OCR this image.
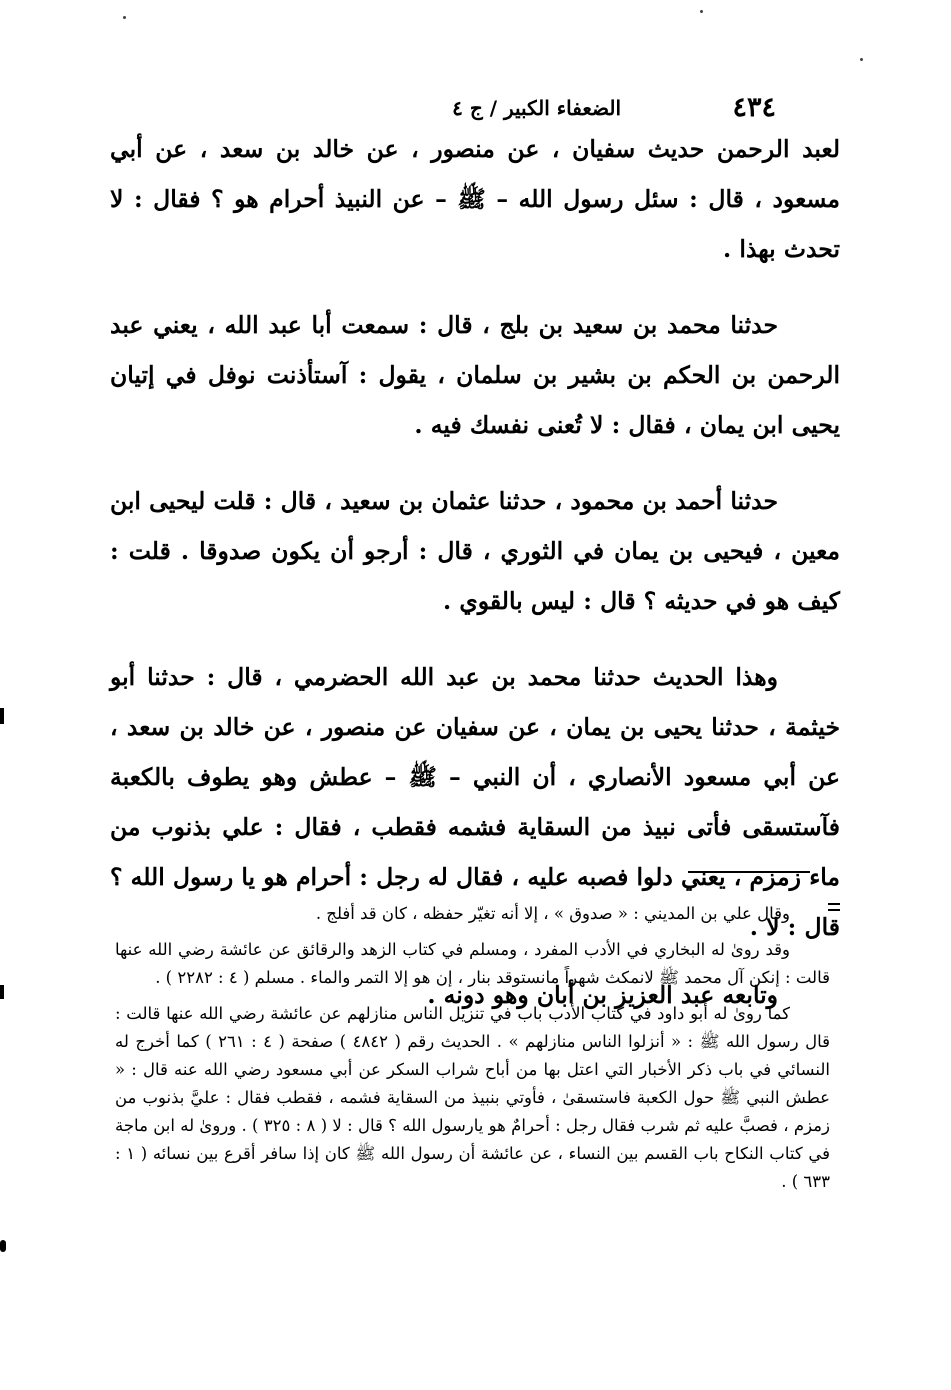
٤٣٤
الضعفاء الكبير / ج ٤

لعبد الرحمن حديث سفيان ، عن منصور ، عن خالد بن سعد ، عن أبي مسعود ، قال : سئل رسول الله – ﷺ – عن النبيذ أحرام هو ؟ فقال : لا تحدث بهذا .

حدثنا محمد بن سعيد بن بلج ، قال : سمعت أبا عبد الله ، يعني عبد الرحمن بن الحكم بن بشير بن سلمان ، يقول : آستأذنت نوفل في إتيان يحيى ابن يمان ، فقال : لا تُعنى نفسك فيه .

حدثنا أحمد بن محمود ، حدثنا عثمان بن سعيد ، قال : قلت ليحيى ابن معين ، فيحيى بن يمان في الثوري ، قال : أرجو أن يكون صدوقا . قلت : كيف هو في حديثه ؟ قال : ليس بالقوي .

وهذا الحديث حدثنا محمد بن عبد الله الحضرمي ، قال : حدثنا أبو خيثمة ، حدثنا يحيى بن يمان ، عن سفيان عن منصور ، عن خالد بن سعد ، عن أبي مسعود الأنصاري ، أن النبي – ﷺ – عطش وهو يطوف بالكعبة فآستسقى فأتى نبيذ من السقاية فشمه فقطب ، فقال : علي بذنوب من ماء زمزم ، يعني دلوا فصبه عليه ، فقال له رجل : أحرام هو يا رسول الله ؟ قال : لا .

وتابعه عبد العزيز بن أبان وهو دونه .

وقال علي بن المديني : « صدوق » ، إلا أنه تغيّر حفظه ، كان قد أفلج .

وقد روىٰ له البخاري في الأدب المفرد ، ومسلم في كتاب الزهد والرقائق عن عائشة رضي الله عنها قالت : إنكن آل محمد ﷺ لانمكث شهراً مانستوقد بنار ، إن هو إلا التمر والماء . مسلم ( ٤ : ٢٢٨٢ ) .

كما روىٰ له أبو داود في كتاب الأدب باب في تنزيل الناس منازلهم عن عائشة رضي الله عنها قالت : قال رسول الله ﷺ : « أنزلوا الناس منازلهم » . الحديث رقم ( ٤٨٤٢ ) صفحة ( ٤ : ٢٦١ ) كما أخرج له النسائي في باب ذكر الأخبار التي اعتل بها من أباح شراب السكر عن أبي مسعود رضي الله عنه قال : « عطش النبي ﷺ حول الكعبة فاستسقىٰ ، فأوتي بنبيذ من السقاية فشمه ، فقطب فقال : عليَّ بذنوب من زمزم ، فصبَّ عليه ثم شرب فقال رجل : أحرامٌ هو يارسول الله ؟ قال : لا ( ٨ : ٣٢٥ ) . وروىٰ له ابن ماجة في كتاب النكاح باب القسم بين النساء ، عن عائشة أن رسول الله ﷺ كان إذا سافر أقرع بين نسائه ( ١ : ٦٣٣ ) .
